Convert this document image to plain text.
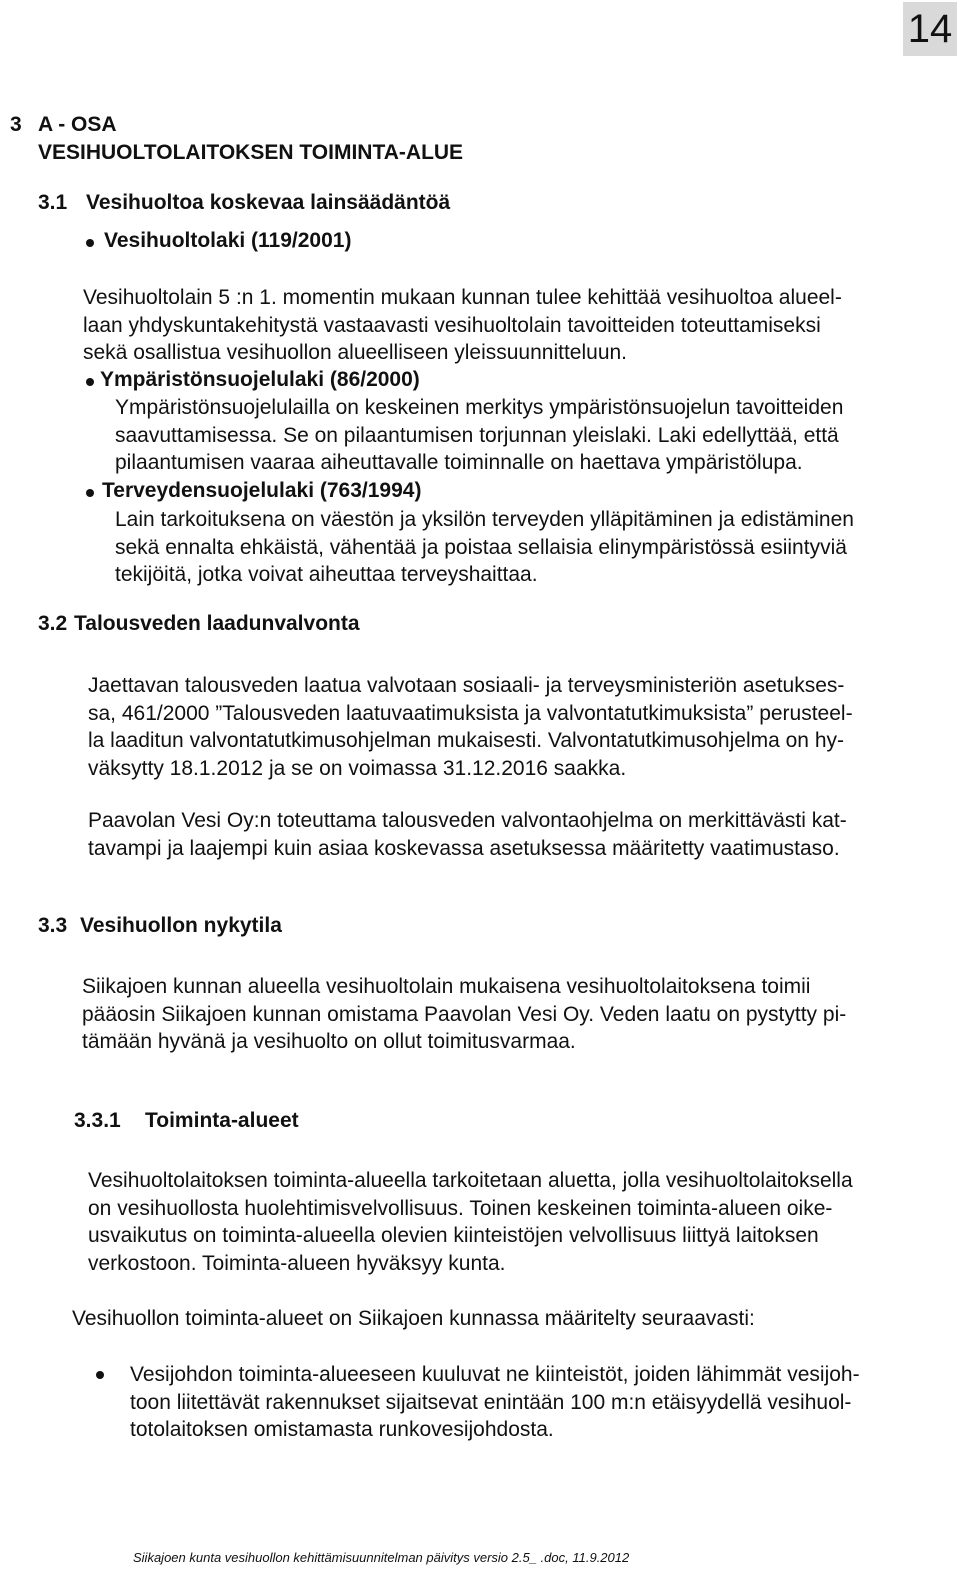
14
3 A - OSA
VESIHUOLTOLAITOKSEN TOIMINTA-ALUE
3.1 Vesihuoltoa koskevaa lainsäädäntöä
Vesihuoltolaki (119/2001)
Vesihuoltolain 5 :n 1. momentin mukaan kunnan tulee kehittää vesihuoltoa alueel-
laan yhdyskuntakehitystä vastaavasti vesihuoltolain tavoitteiden toteuttamiseksi
sekä osallistua vesihuollon alueelliseen yleissuunnitteluun.
Ympäristönsuojelulaki (86/2000)
Ympäristönsuojelulailla on keskeinen merkitys ympäristönsuojelun tavoitteiden
saavuttamisessa. Se on pilaantumisen torjunnan yleislaki. Laki edellyttää, että
pilaantumisen vaaraa aiheuttavalle toiminnalle on haettava ympäristölupa.
Terveydensuojelulaki (763/1994)
Lain tarkoituksena on väestön ja yksilön terveyden ylläpitäminen ja edistäminen
sekä ennalta ehkäistä, vähentää ja poistaa sellaisia elinympäristössä esiintyviä
tekijöitä, jotka voivat aiheuttaa terveyshaittaa.
3.2 Talousveden laadunvalvonta
Jaettavan talousveden laatua valvotaan sosiaali- ja terveysministeriön asetukses-
sa, 461/2000 ”Talousveden laatuvaatimuksista ja valvontatutkimuksista” perusteel-
la laaditun valvontatutkimusohjelman mukaisesti. Valvontatutkimusohjelma on hy-
väksytty 18.1.2012 ja se on voimassa 31.12.2016 saakka.
Paavolan Vesi Oy:n toteuttama talousveden valvontaohjelma on merkittävästi kat-
tavampi ja laajempi kuin asiaa koskevassa asetuksessa määritetty vaatimustaso.
3.3 Vesihuollon nykytila
Siikajoen kunnan alueella vesihuoltolain mukaisena vesihuoltolaitoksena toimii
pääosin Siikajoen kunnan omistama Paavolan Vesi Oy. Veden laatu on pystytty pi-
tämään hyvänä ja vesihuolto on ollut toimitusvarmaa.
3.3.1 Toiminta-alueet
Vesihuoltolaitoksen toiminta-alueella tarkoitetaan aluetta, jolla vesihuoltolaitoksella
on vesihuollosta huolehtimisvelvollisuus. Toinen keskeinen toiminta-alueen oike-
usvaikutus on toiminta-alueella olevien kiinteistöjen velvollisuus liittyä laitoksen
verkostoon. Toiminta-alueen hyväksyy kunta.
Vesihuollon toiminta-alueet on Siikajoen kunnassa määritelty seuraavasti:
Vesijohdon toiminta-alueeseen kuuluvat ne kiinteistöt, joiden lähimmät vesijoh-
toon liitettävät rakennukset sijaitsevat enintään 100 m:n etäisyydellä vesihuol-
totolaitoksen omistamasta runkovesijohdosta.
Siikajoen kunta vesihuollon kehittämisuunnitelman päivitys versio 2.5_ .doc, 11.9.2012
